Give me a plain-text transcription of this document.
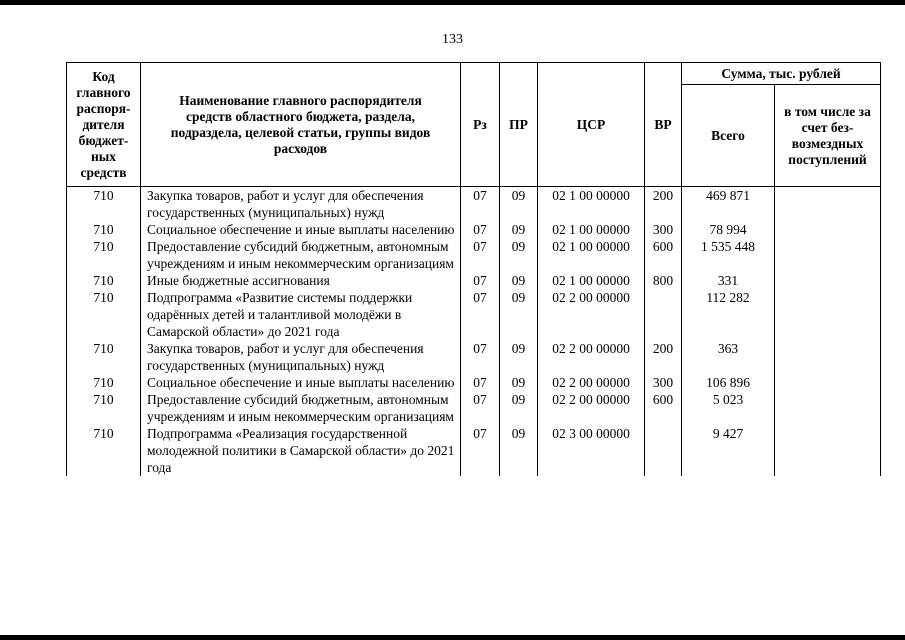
133
Код главного распоря-дителя бюджет-ных средств	Наименование главного распорядителя средств областного бюджета, раздела, подраздела, целевой статьи, группы видов расходов	Рз	ПР	ЦСР	ВР	Сумма, тыс. рублей	
						Всего	в том числе за счет без-возмездных поступлений
710	Закупка товаров, работ и услуг для обеспечения государственных (муниципальных) нужд	07	09	02 1 00 00000	200	469 871	
710	Социальное обеспечение и иные выплаты населению	07	09	02 1 00 00000	300	78 994	
710	Предоставление субсидий бюджетным, автономным учреждениям и иным некоммерческим организациям	07	09	02 1 00 00000	600	1 535 448	
710	Иные бюджетные ассигнования	07	09	02 1 00 00000	800	331	
710	Подпрограмма «Развитие системы поддержки одарённых детей и талантливой молодёжи в Самарской области» до 2021 года	07	09	02 2 00 00000		112 282	
710	Закупка товаров, работ и услуг для обеспечения государственных (муниципальных) нужд	07	09	02 2 00 00000	200	363	
710	Социальное обеспечение и иные выплаты населению	07	09	02 2 00 00000	300	106 896	
710	Предоставление субсидий бюджетным, автономным учреждениям и иным некоммерческим организациям	07	09	02 2 00 00000	600	5 023	
710	Подпрограмма «Реализация государственной молодежной политики в Самарской области» до 2021 года	07	09	02 3 00 00000		9 427	
